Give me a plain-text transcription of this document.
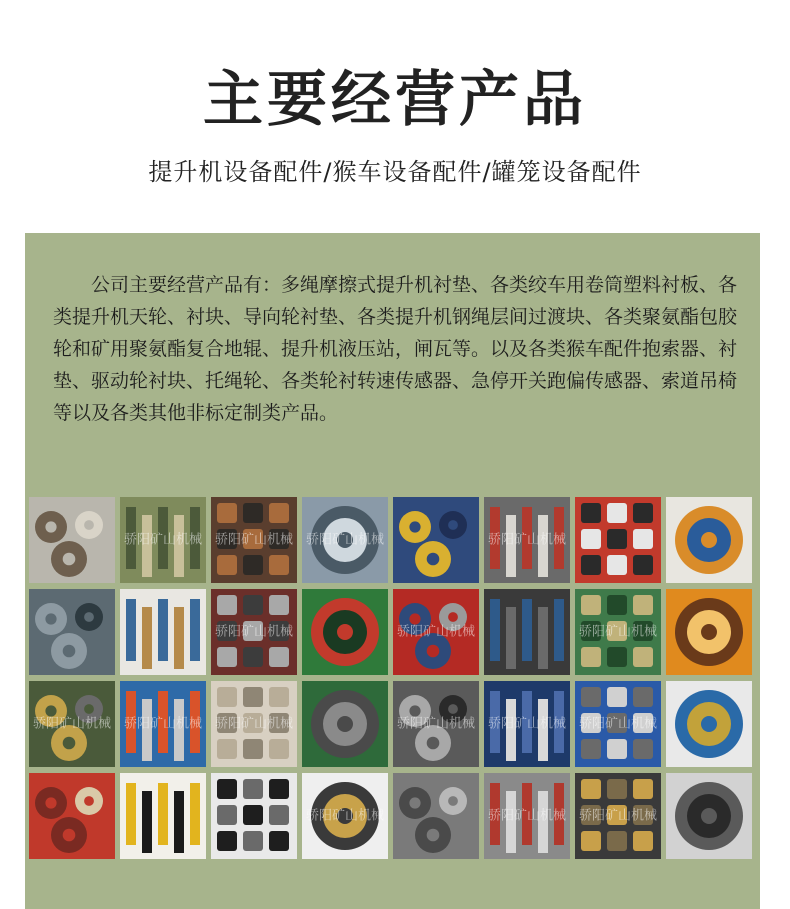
主要经营产品
提升机设备配件/猴车设备配件/罐笼设备配件

公司主要经营产品有：多绳摩擦式提升机衬垫、各类绞车用卷筒塑料衬板、各类提升机天轮、衬块、导向轮衬垫、各类提升机钢绳层间过渡块、各类聚氨酯包胶轮和矿用聚氨酯复合地辊、提升机液压站，闸瓦等。以及各类猴车配件抱索器、衬垫、驱动轮衬块、托绳轮、各类轮衬转速传感器、急停开关跑偏传感器、索道吊椅等以及各类其他非标定制类产品。

骄阳矿山机械 骄阳矿山机械 骄阳矿山机械	骄阳矿山机械
骄阳矿山机械	骄阳矿山机械	骄阳矿山机械
骄阳矿山机械 骄阳矿山机械 骄阳矿山机械	骄阳矿山机械 骄阳矿山机械 骄阳矿山机械
骄阳矿山机械	骄阳矿山机械 骄阳矿山机械
